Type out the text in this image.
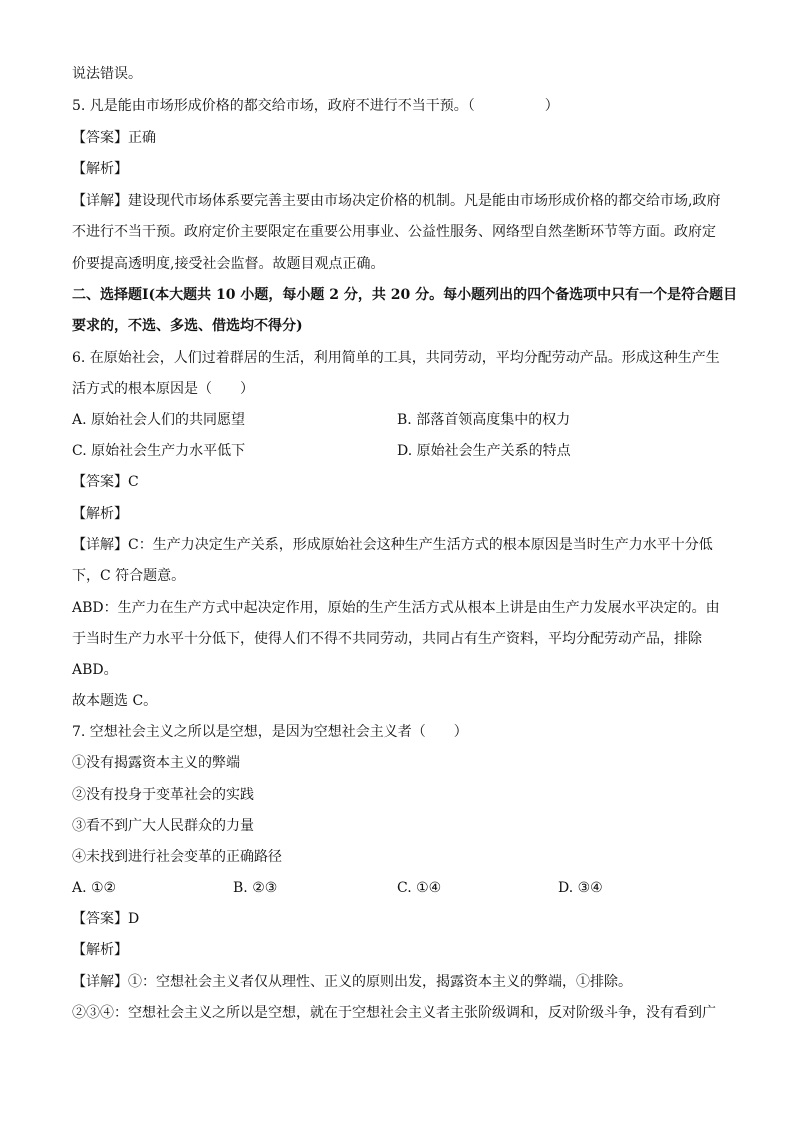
说法错误。
5. 凡是能由市场形成价格的都交给市场，政府不进行不当干预。（　　　　　）
【答案】正确
【解析】
【详解】建设现代市场体系要完善主要由市场决定价格的机制。凡是能由市场形成价格的都交给市场,政府
不进行不当干预。政府定价主要限定在重要公用事业、公益性服务、网络型自然垄断环节等方面。政府定
价要提高透明度,接受社会监督。故题目观点正确。
二、选择题Ⅰ(本大题共 10 小题，每小题 2 分，共 20 分。每小题列出的四个备选项中只有一个是符合题目
要求的，不选、多选、借选均不得分)
6. 在原始社会，人们过着群居的生活，利用简单的工具，共同劳动，平均分配劳动产品。形成这种生产生
活方式的根本原因是（　　）
A. 原始社会人们的共同愿望	B. 部落首领高度集中的权力
C. 原始社会生产力水平低下	D. 原始社会生产关系的特点
【答案】C
【解析】
【详解】C：生产力决定生产关系，形成原始社会这种生产生活方式的根本原因是当时生产力水平十分低
下，C 符合题意。
ABD：生产力在生产方式中起决定作用，原始的生产生活方式从根本上讲是由生产力发展水平决定的。由
于当时生产力水平十分低下，使得人们不得不共同劳动，共同占有生产资料，平均分配劳动产品，排除
ABD。
故本题选 C。
7. 空想社会主义之所以是空想，是因为空想社会主义者（　　）
①没有揭露资本主义的弊端
②没有投身于变革社会的实践
③看不到广大人民群众的力量
④未找到进行社会变革的正确路径
A. ①②	B. ②③	C. ①④	D. ③④
【答案】D
【解析】
【详解】①：空想社会主义者仅从理性、正义的原则出发，揭露资本主义的弊端，①排除。
②③④：空想社会主义之所以是空想，就在于空想社会主义者主张阶级调和，反对阶级斗争，没有看到广
